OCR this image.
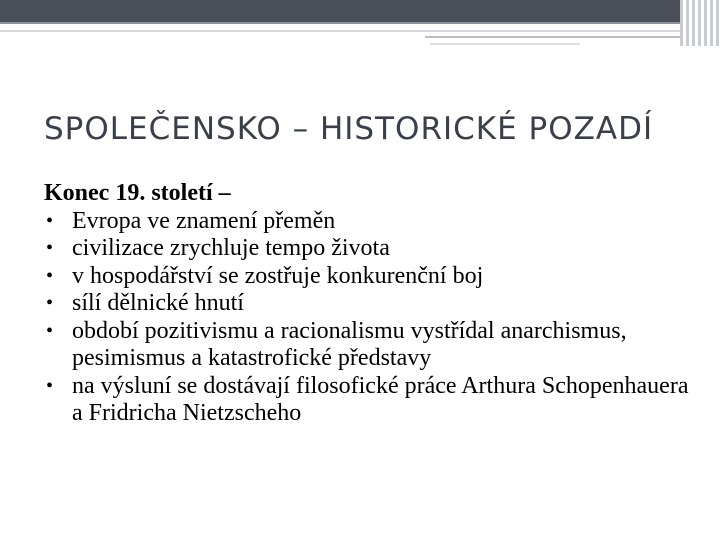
SPOLEČENSKO – HISTORICKÉ POZADÍ
Konec 19. století –
• Evropa ve znamení přeměn
• civilizace zrychluje tempo života
• v hospodářství se zostřuje konkurenční boj
• sílí dělnické hnutí
• období pozitivismu a racionalismu vystřídal anarchismus, pesimismus a katastrofické představy
• na výsluní se dostávají filosofické práce Arthura Schopenhauera a Fridricha Nietzscheho
